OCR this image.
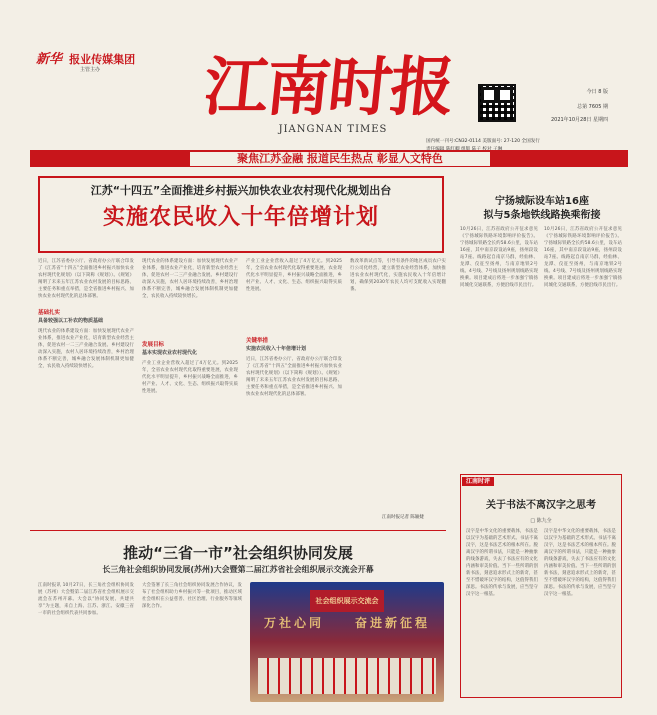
新华 报业传媒集团
主管主办 江南时报
JIANGNAN TIMES
今日 8 版
总第 7605 期
2021年10月28日 星期四
国内统一刊号:CN32-0114 美版面号: 27-120 全国发行
聚焦江苏金融 报道民生热点 彰显人文特色
江苏“十四五”全面推进乡村振兴加快农业农村现代化规划出台
实施农民收入十年倍增计划
近日，江苏省委办公厅、省政府办公厅联合印发了《江苏省“十四五”全面推进乡村振兴加快农业农村现代化规划》（以下简称《规划》）。《规划》阐明了未来五年江苏农业农村发展的目标思路、主要任务和重点举措，是全省推进乡村振兴、加快农业农村现代化的总体部署。
基础扎实
具备较强以工补农的物质基础
现代农业的体系建设方面：加快发展现代农业产业体系，推进农业产业化，培育新型农业经营主体，促进农村一二三产业融合发展。乡村建设行动深入实施，农村人居环境持续改善，乡村治理体系不断完善，城乡融合发展体制机制更加健全，农民收入持续较快增长。
现代农业的体系建设方面：加快发展现代农业产业体系，推进农业产业化，培育新型农业经营主体，促进农村一二三产业融合发展。乡村建设行动深入实施，农村人居环境持续改善，乡村治理体系不断完善，城乡融合发展体制机制更加健全，农民收入持续较快增长。
发展目标
基本实现农业农村现代化
产业工业企业营收入超过了4万亿元。到2025年，全省农业农村现代化取得重要进展，农业现代化水平明显提升，乡村振兴战略全面推进，乡村产业、人才、文化、生态、组织振兴取得实质性进展。
产业工业企业营收入超过了4万亿元。到2025年，全省农业农村现代化取得重要进展，农业现代化水平明显提升，乡村振兴战略全面推进，乡村产业、人才、文化、生态、组织振兴取得实质性进展。
关键举措
实施农民收入十年倍增计划
近日，江苏省委办公厅、省政府办公厅联合印发了《江苏省“十四五”全面推进乡村振兴加快农业农村现代化规划》（以下简称《规划》）。《规划》阐明了未来五年江苏农业农村发展的目标思路、主要任务和重点举措，是全省推进乡村振兴、加快农业农村现代化的总体部署。
数改革新试点等，引导有条件的地区成员农户实行公司化经营，建立新型农业经营体系，加快推进农业农村现代化，实施农民收入十年倍增计划，确保到2030年农民人均可支配收入实现翻番。
江南时报记者 陈颖婕
宁扬城际设车站16座
拟与5条地铁线路换乘衔接
10月26日，江苏省政府公开征求意见《宁扬城际铁路环境影响评价报告》。宁扬城际铁路全长约58.6公里，设车站16座，其中南京段设站9座，扬州段设站7座。线路起自南京马群，经仙林、龙潭、仪征至扬州，与南京地铁2号线、4号线、7号线及扬州规划线路实现换乘。项目建成后将进一步加强宁镇扬同城化交通联系，方便沿线市民出行。
10月26日，江苏省政府公开征求意见《宁扬城际铁路环境影响评价报告》。宁扬城际铁路全长约58.6公里，设车站16座，其中南京段设站9座，扬州段设站7座。线路起自南京马群，经仙林、龙潭、仪征至扬州，与南京地铁2号线、4号线、7号线及扬州规划线路实现换乘。项目建成后将进一步加强宁镇扬同城化交通联系，方便沿线市民出行。
推动“三省一市”社会组织协同发展
长三角社会组织协同发展(苏州)大会暨第二届江苏省社会组织展示交流会开幕
江南时报讯 10月27日，长三角社会组织协同发展（苏州）大会暨第二届江苏省社会组织展示交流会在苏州开幕。大会以“协同发展、共建共享”为主题，来自上海、江苏、浙江、安徽三省一市的社会组织代表共同参加。
大会签署了长三角社会组织协同发展合作协议，发布了社会组织助力乡村振兴等一批项目，推动区域社会组织在公益慈善、社区治理、行业服务等领域深化合作。
社会组织展示交流会
万社心同	奋进新征程
江南时评
关于书法不离汉字之思考
□ 陈九全
汉字是中华文化的重要载体，书法是以汉字为基础的艺术形式。书法不离汉字，这是书法艺术的根本所在。脱离汉字的所谓书法，只能是一种抽象的线条游戏，失去了书法应有的文化内涵和审美价值。当下一些所谓的创新书法，刻意追求形式上的新奇，甚至不惜破坏汉字的结构，这值得我们深思。书法的传承与发展，应当坚守汉字这一根基。
汉字是中华文化的重要载体，书法是以汉字为基础的艺术形式。书法不离汉字，这是书法艺术的根本所在。脱离汉字的所谓书法，只能是一种抽象的线条游戏，失去了书法应有的文化内涵和审美价值。当下一些所谓的创新书法，刻意追求形式上的新奇，甚至不惜破坏汉字的结构，这值得我们深思。书法的传承与发展，应当坚守汉字这一根基。
